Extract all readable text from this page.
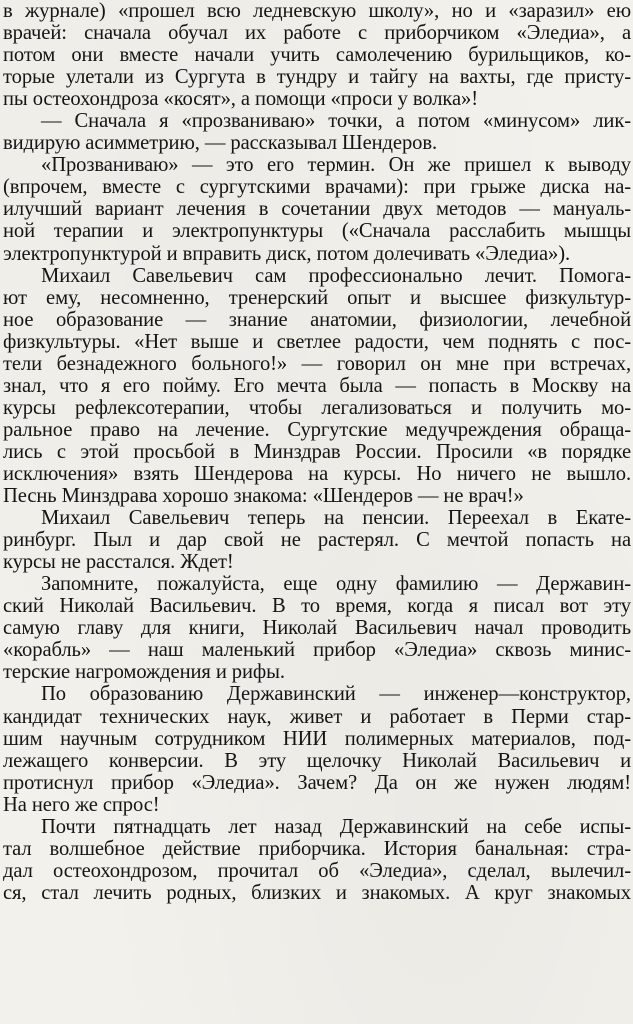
в журнале) «прошел всю ледневскую школу», но и «заразил» ею
врачей: сначала обучал их работе с приборчиком «Элeдиа», а
потом они вместе начали учить самолечению бурильщиков, ко-
торые улетали из Сургута в тундру и тайгу на вахты, где присту-
пы остеохондроза «косят», а помощи «проси у волка»!
— Сначала я «прозваниваю» точки, а потом «минусом» лик-
видирую асимметрию, — рассказывал Шендеров.
«Прозваниваю» — это его термин. Он же пришел к выводу
(впрочем, вместе с сургутскими врачами): при грыже диска на-
илучший вариант лечения в сочетании двух методов — мануаль-
ной терапии и электропунктуры («Сначала расслабить мышцы
электропунктурой и вправить диск, потом долечивать «Элeдиа»).
Михаил Савельевич сам профессионально лечит. Помога-
ют ему, несомненно, тренерский опыт и высшее физкультур-
ное образование — знание анатомии, физиологии, лечебной
физкультуры. «Нет выше и светлее радости, чем поднять с пос-
тели безнадежного больного!» — говорил он мне при встречах,
знал, что я его пойму. Его мечта была — попасть в Москву на
курсы рефлексотерапии, чтобы легализоваться и получить мо-
ральное право на лечение. Сургутские медучреждения обраща-
лись с этой просьбой в Минздрав России. Просили «в порядке
исключения» взять Шендерова на курсы. Но ничего не вышло.
Песнь Минздрава хорошо знакома: «Шендеров — не врач!»
Михаил Савельевич теперь на пенсии. Переехал в Екате-
ринбург. Пыл и дар свой не растерял. С мечтой попасть на
курсы не расстался. Ждет!
Запомните, пожалуйста, еще одну фамилию — Державин-
ский Николай Васильевич. В то время, когда я писал вот эту
самую главу для книги, Николай Васильевич начал проводить
«корабль» — наш маленький прибор «Элeдиа» сквозь минис-
терские нагромождения и рифы.
По образованию Державинский — инженер—конструктор,
кандидат технических наук, живет и работает в Перми стар-
шим научным сотрудником НИИ полимерных материалов, под-
лежащего конверсии. В эту щелочку Николай Васильевич и
протиснул прибор «Элeдиа». Зачем? Да он же нужен людям!
На него же спрос!
Почти пятнадцать лет назад Державинский на себе испы-
тал волшебное действие приборчика. История банальная: стра-
дал остеохондрозом, прочитал об «Элeдиа», сделал, вылечил-
ся, стал лечить родных, близких и знакомых. А круг знакомых
